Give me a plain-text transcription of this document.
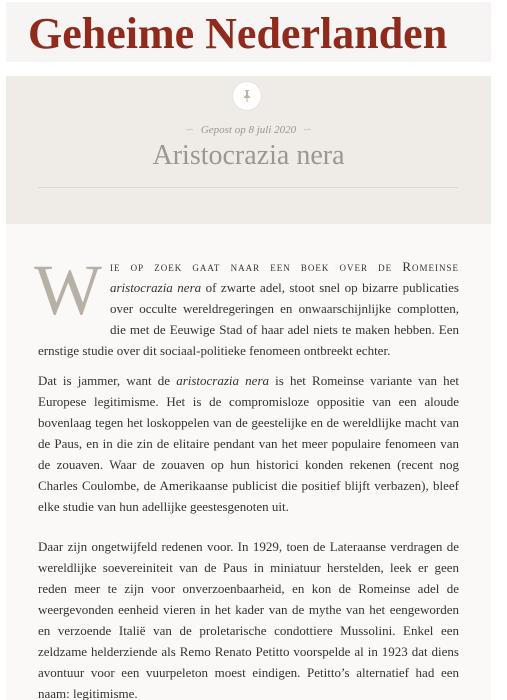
Geheime Nederlanden
∽ Gepost op 8 juli 2020 ∽
Aristocrazia nera

Wie op zoek gaat naar een boek over de Romeinse aristocrazia nera of zwarte adel, stoot snel op bizarre publicaties over occulte wereldregeringen en onwaarschijnlijke complotten, die met de Eeuwige Stad of haar adel niets te maken hebben. Een ernstige studie over dit sociaal-politieke fenomeen ontbreekt echter.

Dat is jammer, want de aristocrazia nera is het Romeinse variante van het Europese legitimisme. Het is de compromisloze oppositie van een aloude bovenlaag tegen het loskoppelen van de geestelijke en de wereldlijke macht van de Paus, en in die zin de elitaire pendant van het meer populaire fenomeen van de zouaven. Waar de zouaven op hun historici konden rekenen (recent nog Charles Coulombe, de Amerikaanse publicist die positief blijft verbazen), bleef elke studie van hun adellijke geestesgenoten uit.

Daar zijn ongetwijfeld redenen voor. In 1929, toen de Lateraanse verdragen de wereldlijke soevereiniteit van de Paus in miniatuur herstelden, leek er geen reden meer te zijn voor onverzoenbaarheid, en kon de Romeinse adel de weergevonden eenheid vieren in het kader van de mythe van het eengeworden en verzoende Italië van de proletarische condottiere Mussolini. Enkel een zeldzame helderziende als Remo Renato Petitto voorspelde al in 1923 dat diens avontuur voor een vuurpeleton moest eindigen. Petitto’s alternatief had een naam: legitimisme.
